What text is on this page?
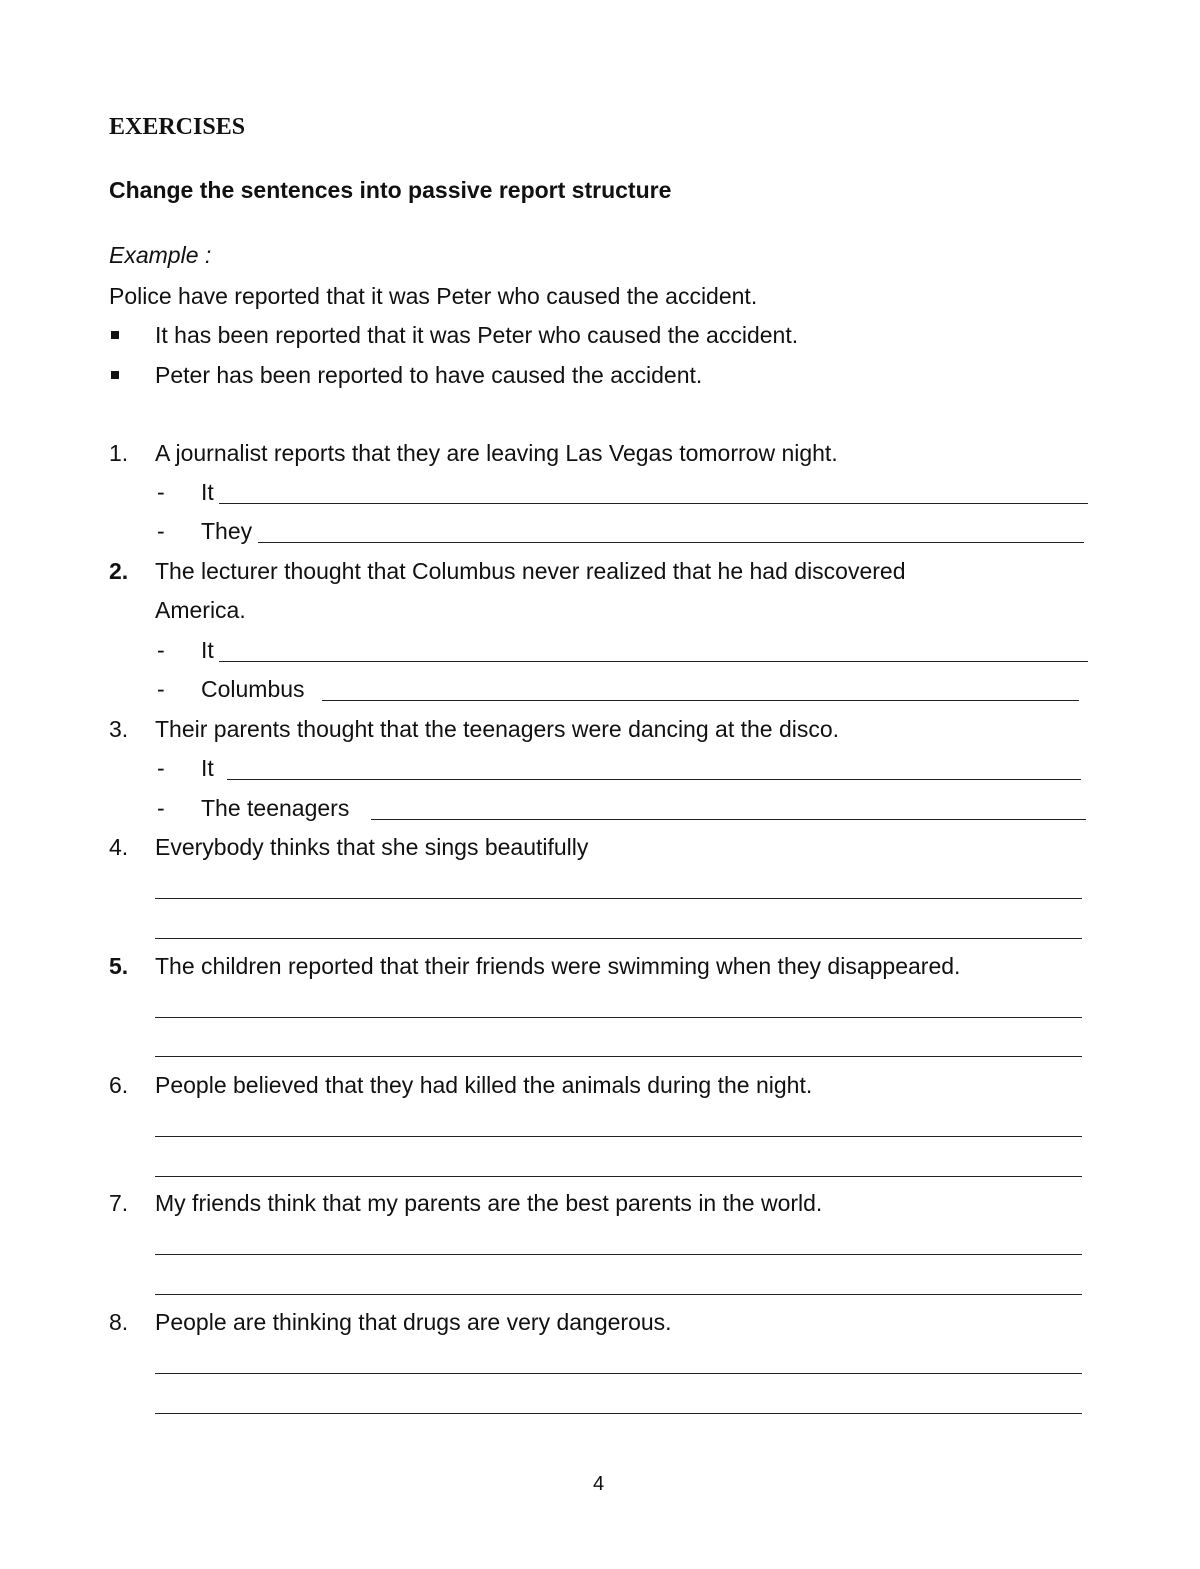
EXERCISES
Change the sentences into passive report structure
Example :
Police have reported that it was Peter who caused the accident.
It has been reported that it was Peter who caused the accident.
Peter has been reported to have caused the accident.
1. A journalist reports that they are leaving Las Vegas tomorrow night.
- It
- They
2. The lecturer thought that Columbus never realized that he had discovered
America.
- It
- Columbus
3. Their parents thought that the teenagers were dancing at the disco.
- It
- The teenagers
4. Everybody thinks that she sings beautifully
5. The children reported that their friends were swimming when they disappeared.
6. People believed that they had killed the animals during the night.
7. My friends think that my parents are the best parents in the world.
8. People are thinking that drugs are very dangerous.
4
